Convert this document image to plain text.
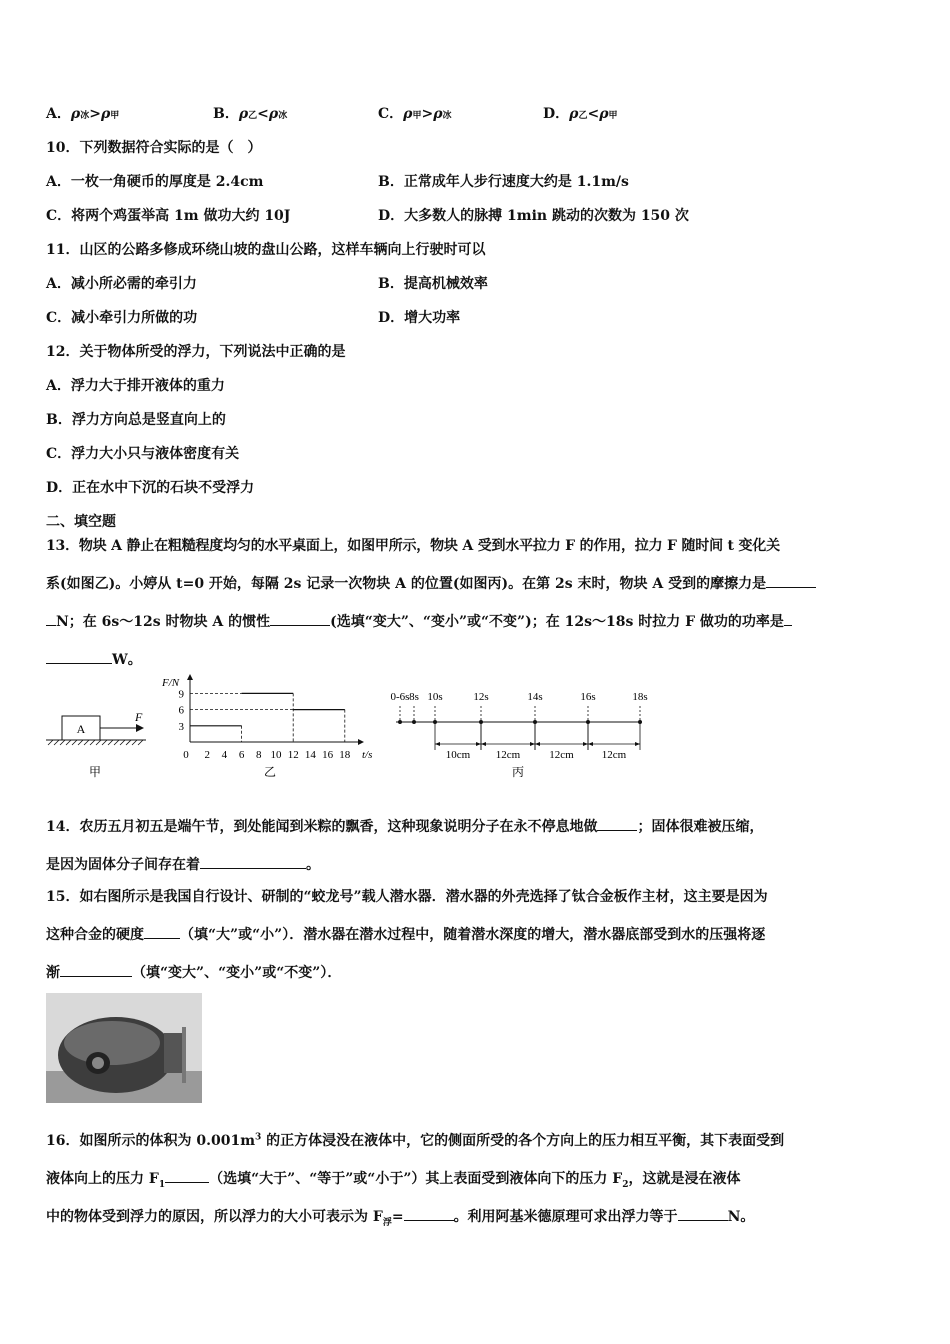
A．ρ冰>ρ甲	B．ρ乙<ρ冰	C．ρ甲>ρ冰	D．ρ乙<ρ甲
10．下列数据符合实际的是（　）
A．一枚一角硬币的厚度是 2.4cm	B．正常成年人步行速度大约是 1.1m/s
C．将两个鸡蛋举高 1m 做功大约 10J	D．大多数人的脉搏 1min 跳动的次数为 150 次
11．山区的公路多修成环绕山坡的盘山公路，这样车辆向上行驶时可以
A．减小所必需的牵引力	B．提高机械效率
C．减小牵引力所做的功	D．增大功率
12．关于物体所受的浮力，下列说法中正确的是
A．浮力大于排开液体的重力
B．浮力方向总是竖直向上的
C．浮力大小只与液体密度有关
D．正在水中下沉的石块不受浮力
二、填空题
13．物块 A 静止在粗糙程度均匀的水平桌面上，如图甲所示，物块 A 受到水平拉力 F 的作用，拉力 F 随时间 t 变化关
系(如图乙)。小婷从 t=0 开始，每隔 2s 记录一次物块 A 的位置(如图丙)。在第 2s 末时，物块 A 受到的摩擦力是
N；在 6s～12s 时物块 A 的惯性	(选填“变大”、“变小”或“不变”)；在 12s～18s 时拉力 F 做功的功率是
W。
A
F
甲
F/N
t/s
0 2 4 6 8 10 12 14 16 18
3
6
9
乙
0-6s 8s 10s	12s	14s	16s	18s
10cm 12cm	12cm	12cm
丙
14．农历五月初五是端午节，到处能闻到米粽的飘香，这种现象说明分子在永不停息地做	；固体很难被压缩，
是因为固体分子间存在着	。
15．如右图所示是我国自行设计、研制的“蛟龙号”载人潜水器．潜水器的外壳选择了钛合金板作主材，这主要是因为
这种合金的硬度	（填“大”或“小”）．潜水器在潜水过程中，随着潜水深度的增大，潜水器底部受到水的压强将逐
渐	（填“变大”、“变小”或“不变”）．
16．如图所示的体积为 $0.001m^3$ 的正方体浸没在液体中，它的侧面所受的各个方向上的压力相互平衡，其下表面受到
液体向上的压力 $F_1$	（选填“大于”、“等于”或“小于”）其上表面受到液体向下的压力 $F_2$，这就是浸在液体
中的物体受到浮力的原因，所以浮力的大小可表示为 $F_浮=$	。利用阿基米德原理可求出浮力等于	N。
